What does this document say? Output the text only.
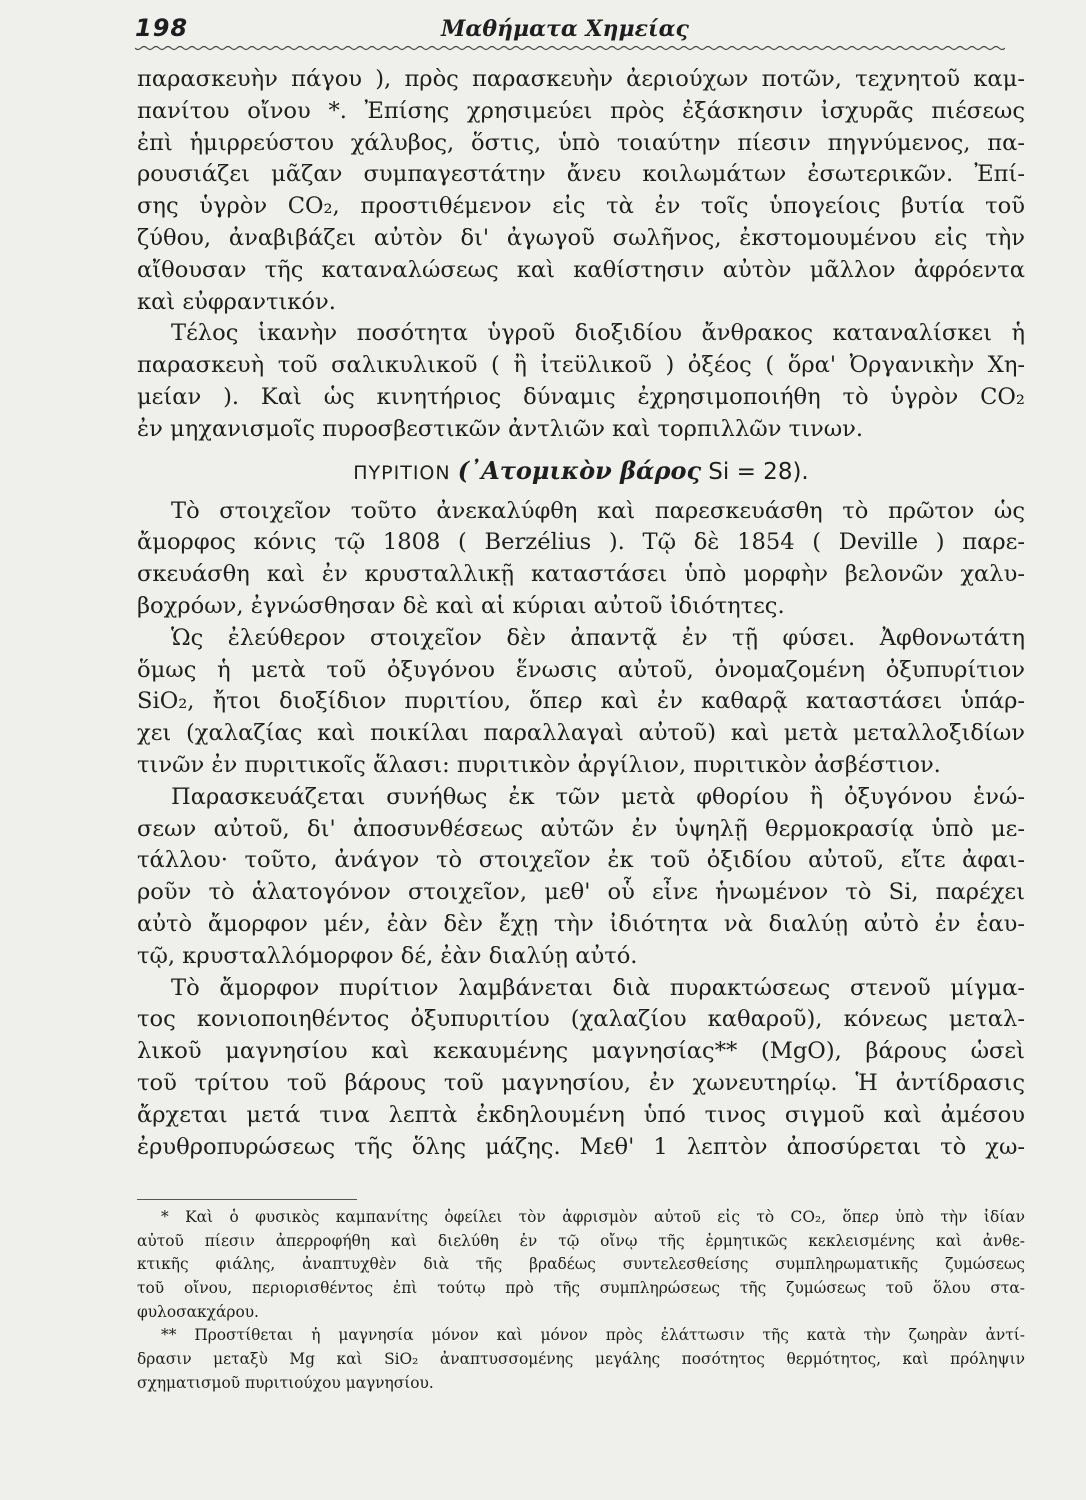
198	Μαθήματα Χημείας
παρασκευὴν πάγου ), πρὸς παρασκευὴν ἀεριούχων ποτῶν, τεχνητοῦ καμ-
πανίτου οἴνου *. Ἐπίσης χρησιμεύει πρὸς ἐξάσκησιν ἰσχυρᾶς πιέσεως
ἐπὶ ἡμιρρεύστου χάλυβος, ὅστις, ὑπὸ τοιαύτην πίεσιν πηγνύμενος, πα-
ρουσιάζει μᾶζαν συμπαγεστάτην ἄνευ κοιλωμάτων ἐσωτερικῶν. Ἐπί-
σης ὑγρὸν CO₂, προστιθέμενον εἰς τὰ ἐν τοῖς ὑπογείοις βυτία τοῦ
ζύθου, ἀναβιβάζει αὐτὸν δι' ἀγωγοῦ σωλῆνος, ἐκστομουμένου εἰς τὴν
αἴθουσαν τῆς καταναλώσεως καὶ καθίστησιν αὐτὸν μᾶλλον ἀφρόεντα
καὶ εὐφραντικόν.
Τέλος ἱκανὴν ποσότητα ὑγροῦ διοξιδίου ἄνθρακος καταναλίσκει ἡ
παρασκευὴ τοῦ σαλικυλικοῦ ( ἢ ἰτεϋλικοῦ ) ὀξέος ( ὅρα' Ὀργανικὴν Χη-
μείαν ). Καὶ ὡς κινητήριος δύναμις ἐχρησιμοποιήθη τὸ ὑγρὸν CO₂
ἐν μηχανισμοῖς πυροσβεστικῶν ἀντλιῶν καὶ τορπιλλῶν τινων.
ΠΥΡΙΤΙΟΝ (᾿Ατομικὸν βάρος Si = 28).
Τὸ στοιχεῖον τοῦτο ἀνεκαλύφθη καὶ παρεσκευάσθη τὸ πρῶτον ὡς
ἄμορφος κόνις τῷ 1808 ( Berzélius ). Τῷ δὲ 1854 ( Deville ) παρε-
σκευάσθη καὶ ἐν κρυσταλλικῇ καταστάσει ὑπὸ μορφὴν βελονῶν χαλυ-
βοχρόων, ἐγνώσθησαν δὲ καὶ αἱ κύριαι αὐτοῦ ἰδιότητες.
Ὡς ἐλεύθερον στοιχεῖον δὲν ἀπαντᾷ ἐν τῇ φύσει. Ἀφθονωτάτη
ὅμως ἡ μετὰ τοῦ ὀξυγόνου ἕνωσις αὐτοῦ, ὀνομαζομένη ὀξυπυρίτιον
SiO₂, ἤτοι διοξίδιον πυριτίου, ὅπερ καὶ ἐν καθαρᾷ καταστάσει ὑπάρ-
χει (χαλαζίας καὶ ποικίλαι παραλλαγαὶ αὐτοῦ) καὶ μετὰ μεταλλοξιδίων
τινῶν ἐν πυριτικοῖς ἅλασι: πυριτικὸν ἀργίλιον, πυριτικὸν ἀσβέστιον.
Παρασκευάζεται συνήθως ἐκ τῶν μετὰ φθορίου ἢ ὀξυγόνου ἑνώ-
σεων αὐτοῦ, δι' ἀποσυνθέσεως αὐτῶν ἐν ὑψηλῇ θερμοκρασίᾳ ὑπὸ με-
τάλλου· τοῦτο, ἀνάγον τὸ στοιχεῖον ἐκ τοῦ ὀξιδίου αὐτοῦ, εἴτε ἀφαι-
ροῦν τὸ ἁλατογόνον στοιχεῖον, μεθ' οὗ εἶνε ἡνωμένον τὸ Si, παρέχει
αὐτὸ ἄμορφον μέν, ἐὰν δὲν ἔχῃ τὴν ἰδιότητα νὰ διαλύῃ αὐτὸ ἐν ἑαυ-
τῷ, κρυσταλλόμορφον δέ, ἐὰν διαλύῃ αὐτό.
Τὸ ἄμορφον πυρίτιον λαμβάνεται διὰ πυρακτώσεως στενοῦ μίγμα-
τος κονιοποιηθέντος ὀξυπυριτίου (χαλαζίου καθαροῦ), κόνεως μεταλ-
λικοῦ μαγνησίου καὶ κεκαυμένης μαγνησίας** (MgO), βάρους ὡσεὶ
τοῦ τρίτου τοῦ βάρους τοῦ μαγνησίου, ἐν χωνευτηρίῳ. Ἡ ἀντίδρασις
ἄρχεται μετά τινα λεπτὰ ἐκδηλουμένη ὑπό τινος σιγμοῦ καὶ ἀμέσου
ἐρυθροπυρώσεως τῆς ὅλης μάζης. Μεθ' 1 λεπτὸν ἀποσύρεται τὸ χω-
* Καὶ ὁ φυσικὸς καμπανίτης ὀφείλει τὸν ἀφρισμὸν αὐτοῦ εἰς τὸ CO₂, ὅπερ ὑπὸ τὴν ἰδίαν
αὐτοῦ πίεσιν ἀπερροφήθη καὶ διελύθη ἐν τῷ οἴνῳ τῆς ἑρμητικῶς κεκλεισμένης καὶ ἀνθε-
κτικῆς φιάλης, ἀναπτυχθὲν διὰ τῆς βραδέως συντελεσθείσης συμπληρωματικῆς ζυμώσεως
τοῦ οἴνου, περιορισθέντος ἐπὶ τούτῳ πρὸ τῆς συμπληρώσεως τῆς ζυμώσεως τοῦ ὅλου στα-
φυλοσακχάρου.
** Προστίθεται ἡ μαγνησία μόνον καὶ μόνον πρὸς ἐλάττωσιν τῆς κατὰ τὴν ζωηρὰν ἀντί-
δρασιν μεταξὺ Mg καὶ SiO₂ ἀναπτυσσομένης μεγάλης ποσότητος θερμότητος, καὶ πρόληψιν
σχηματισμοῦ πυριτιούχου μαγνησίου.
